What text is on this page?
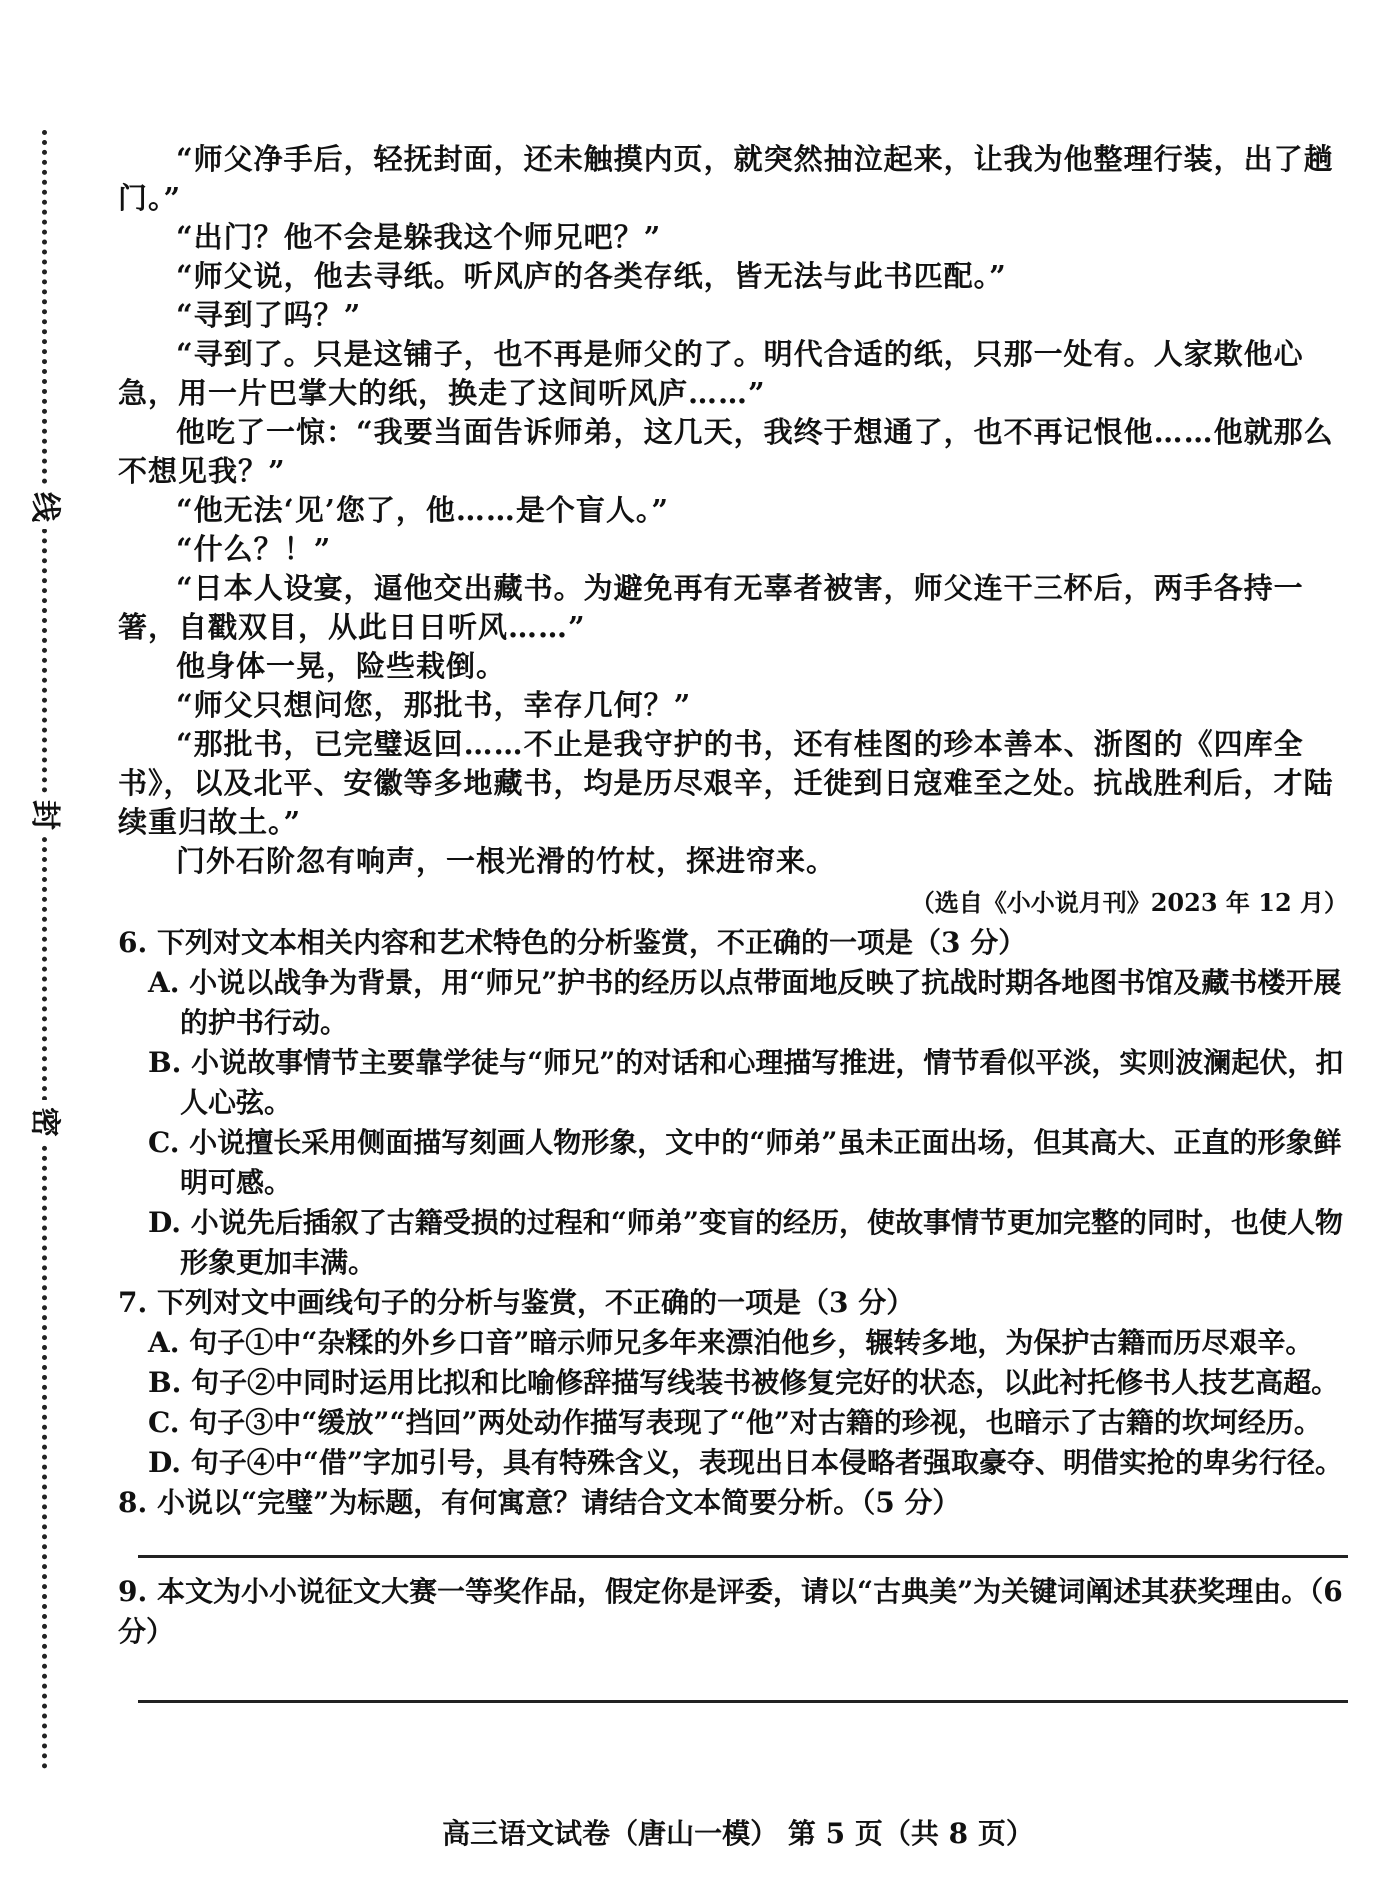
线
封
密

“师父净手后，轻抚封面，还未触摸内页，就突然抽泣起来，让我为他整理行装，出了趟门。”

“出门？他不会是躲我这个师兄吧？”

“师父说，他去寻纸。听风庐的各类存纸，皆无法与此书匹配。”

“寻到了吗？”

“寻到了。只是这铺子，也不再是师父的了。明代合适的纸，只那一处有。人家欺他心急，用一片巴掌大的纸，换走了这间听风庐……”

他吃了一惊：“我要当面告诉师弟，这几天，我终于想通了，也不再记恨他……他就那么不想见我？”

“他无法‘见’您了，他……是个盲人。”

“什么？！”

“日本人设宴，逼他交出藏书。为避免再有无辜者被害，师父连干三杯后，两手各持一箸，自戳双目，从此日日听风……”

他身体一晃，险些栽倒。

“师父只想问您，那批书，幸存几何？”

“那批书，已完璧返回……不止是我守护的书，还有桂图的珍本善本、浙图的《四库全书》，以及北平、安徽等多地藏书，均是历尽艰辛，迁徙到日寇难至之处。抗战胜利后，才陆续重归故土。”

门外石阶忽有响声，一根光滑的竹杖，探进帘来。

（选自《小小说月刊》2023 年 12 月）

6. 下列对文本相关内容和艺术特色的分析鉴赏，不正确的一项是（3 分）

A. 小说以战争为背景，用“师兄”护书的经历以点带面地反映了抗战时期各地图书馆及藏书楼开展的护书行动。

B. 小说故事情节主要靠学徒与“师兄”的对话和心理描写推进，情节看似平淡，实则波澜起伏，扣人心弦。

C. 小说擅长采用侧面描写刻画人物形象，文中的“师弟”虽未正面出场，但其高大、正直的形象鲜明可感。

D. 小说先后插叙了古籍受损的过程和“师弟”变盲的经历，使故事情节更加完整的同时，也使人物形象更加丰满。

7. 下列对文中画线句子的分析与鉴赏，不正确的一项是（3 分）

A. 句子①中“杂糅的外乡口音”暗示师兄多年来漂泊他乡，辗转多地，为保护古籍而历尽艰辛。

B. 句子②中同时运用比拟和比喻修辞描写线装书被修复完好的状态，以此衬托修书人技艺高超。

C. 句子③中“缓放”“挡回”两处动作描写表现了“他”对古籍的珍视，也暗示了古籍的坎坷经历。

D. 句子④中“借”字加引号，具有特殊含义，表现出日本侵略者强取豪夺、明借实抢的卑劣行径。

8. 小说以“完璧”为标题，有何寓意？请结合文本简要分析。（5 分）

9. 本文为小小说征文大赛一等奖作品，假定你是评委，请以“古典美”为关键词阐述其获奖理由。（6 分）

高三语文试卷（唐山一模） 第 5 页（共 8 页）
